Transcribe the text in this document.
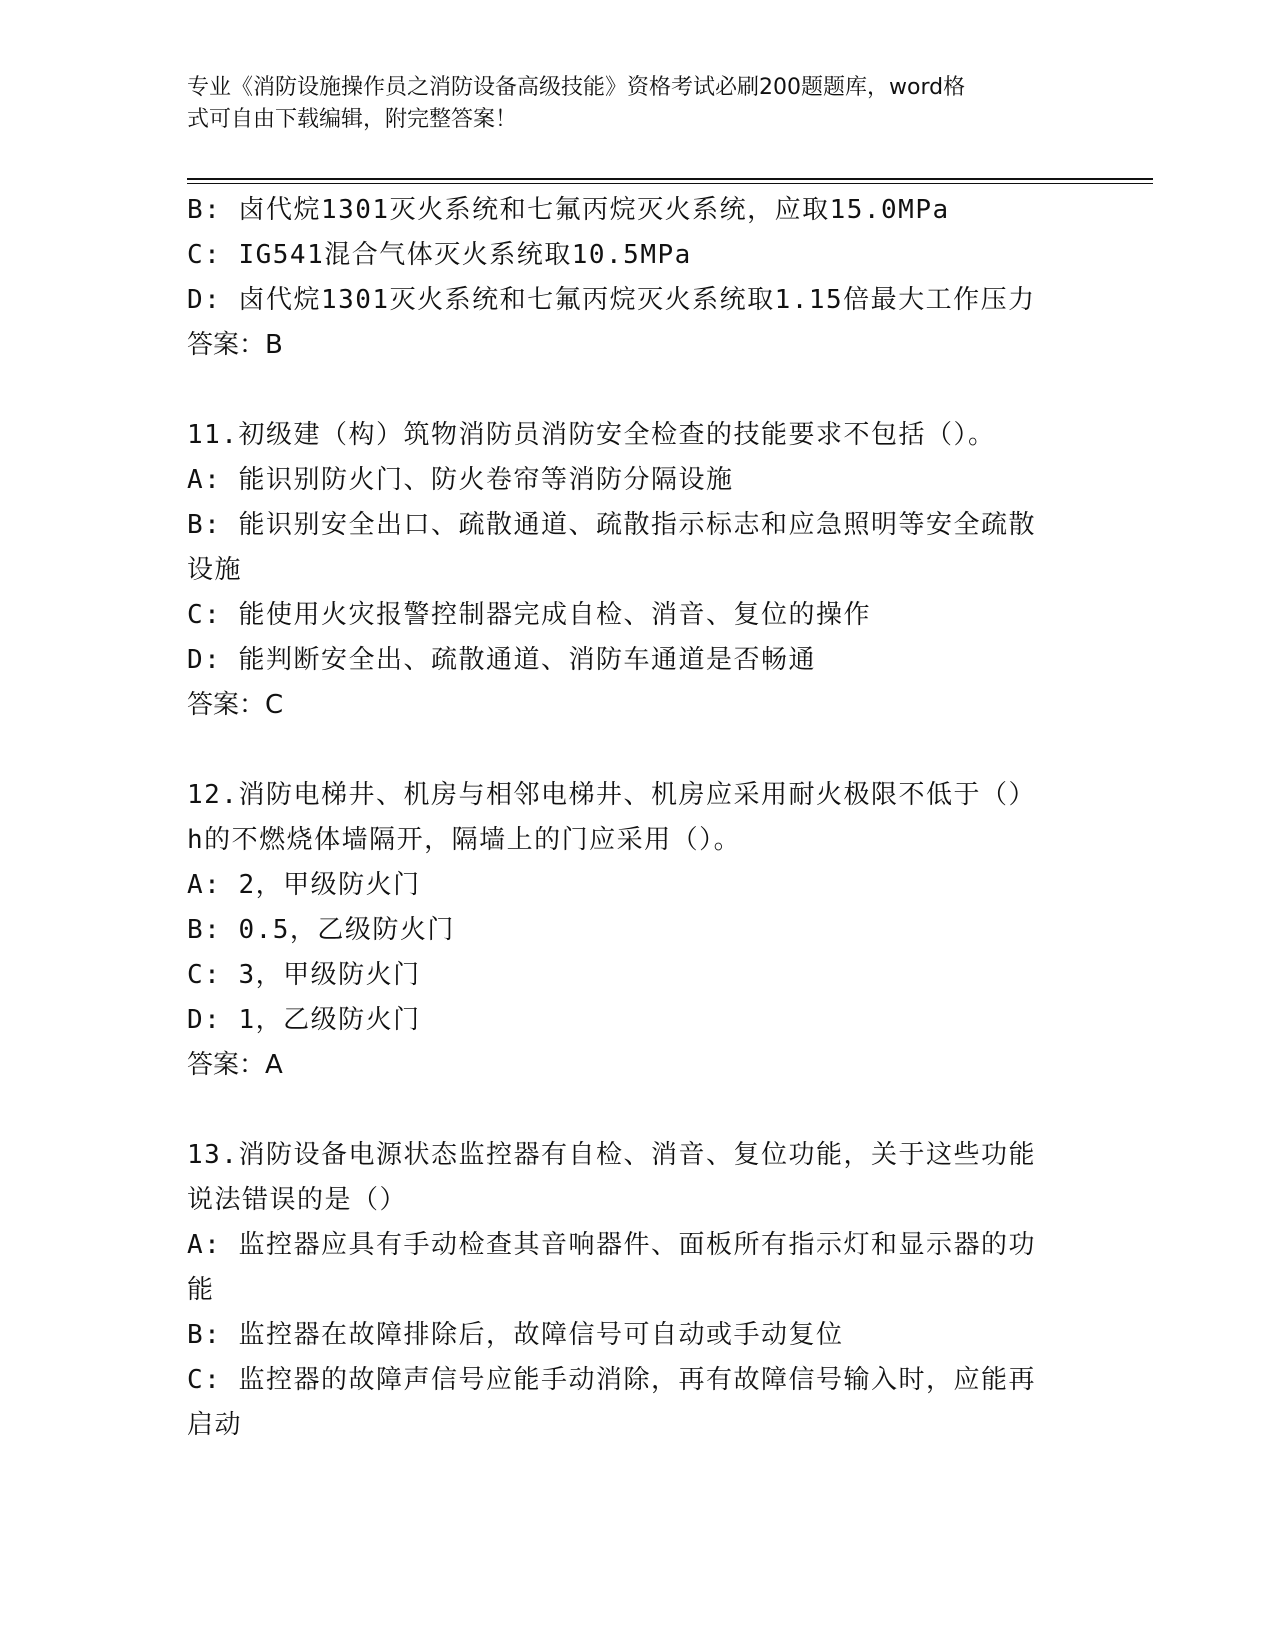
专业《消防设施操作员之消防设备高级技能》资格考试必刷200题题库，word格
式可自由下载编辑，附完整答案！
B: 卤代烷1301灭火系统和七氟丙烷灭火系统，应取15.0MPa
C: IG541混合气体灭火系统取10.5MPa
D: 卤代烷1301灭火系统和七氟丙烷灭火系统取1.15倍最大工作压力
答案：B
11.初级建（构）筑物消防员消防安全检查的技能要求不包括（）。
A: 能识别防火门、防火卷帘等消防分隔设施
B: 能识别安全出口、疏散通道、疏散指示标志和应急照明等安全疏散
设施
C: 能使用火灾报警控制器完成自检、消音、复位的操作
D: 能判断安全出、疏散通道、消防车通道是否畅通
答案：C
12.消防电梯井、机房与相邻电梯井、机房应采用耐火极限不低于（）
h的不燃烧体墙隔开，隔墙上的门应采用（）。
A: 2，甲级防火门
B: 0.5，乙级防火门
C: 3，甲级防火门
D: 1，乙级防火门
答案：A
13.消防设备电源状态监控器有自检、消音、复位功能，关于这些功能
说法错误的是（）
A: 监控器应具有手动检查其音响器件、面板所有指示灯和显示器的功
能
B: 监控器在故障排除后，故障信号可自动或手动复位
C: 监控器的故障声信号应能手动消除，再有故障信号输入时，应能再
启动
